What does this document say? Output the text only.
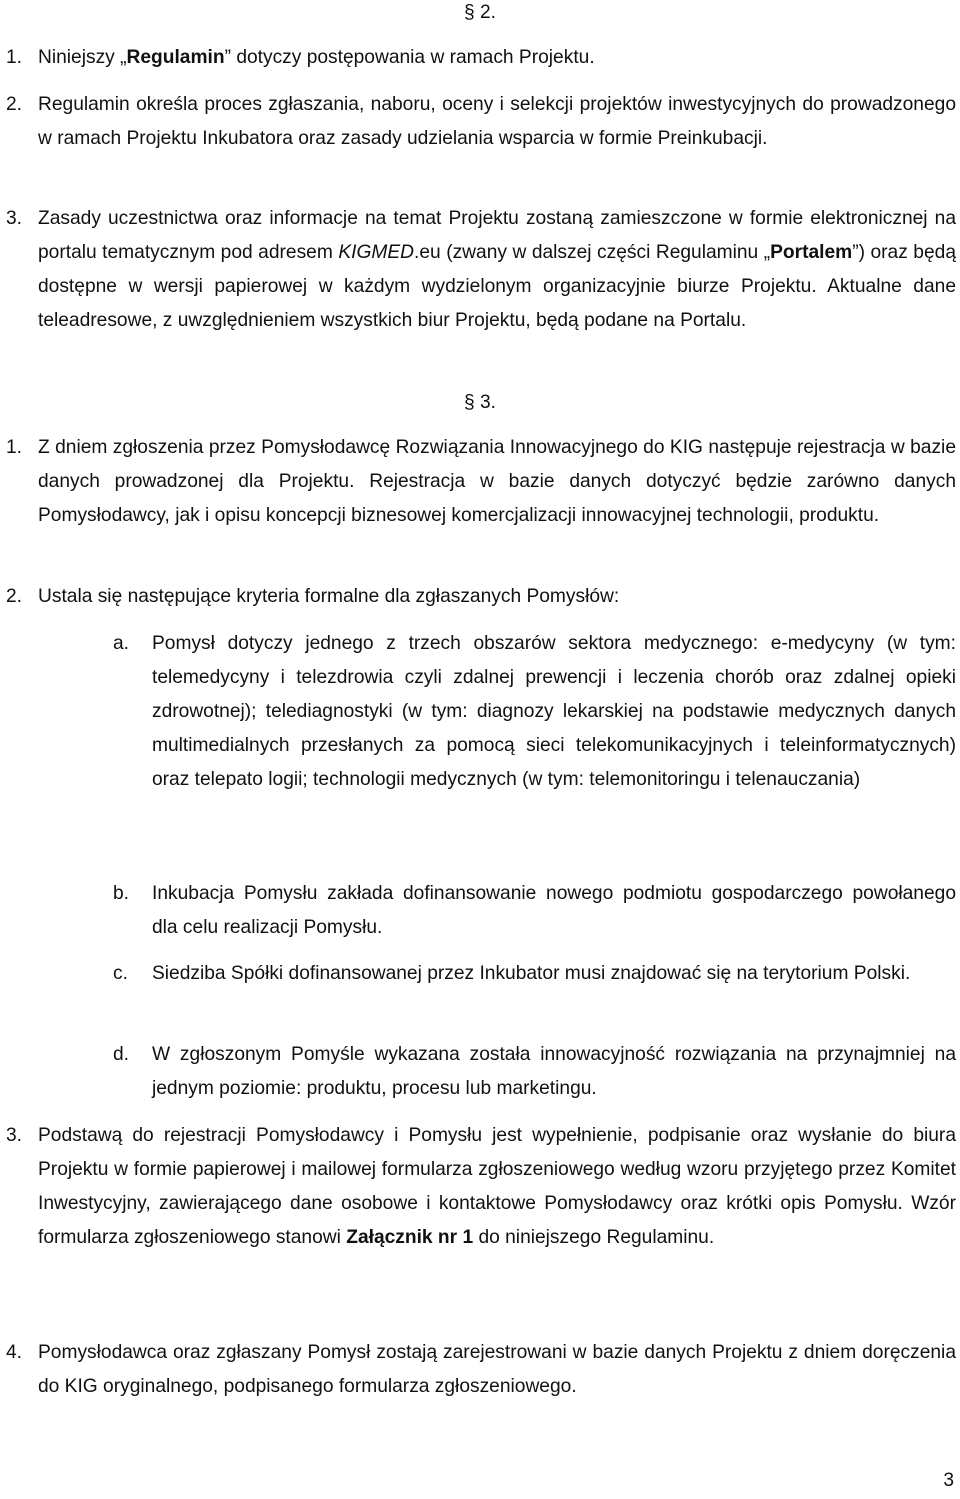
§ 2.
1. Niniejszy „Regulamin” dotyczy postępowania w ramach Projektu.
2. Regulamin określa proces zgłaszania, naboru, oceny i selekcji projektów inwestycyjnych do prowadzonego w ramach Projektu Inkubatora oraz zasady udzielania wsparcia w formie Preinkubacji.
3. Zasady uczestnictwa oraz informacje na temat Projektu zostaną zamieszczone w formie elektronicznej na portalu tematycznym pod adresem KIGMED.eu (zwany w dalszej części Regulaminu „Portalem”) oraz będą dostępne w wersji papierowej w każdym wydzielonym organizacyjnie biurze Projektu. Aktualne dane teleadresowe, z uwzględnieniem wszystkich biur Projektu, będą podane na Portalu.
§ 3.
1. Z dniem zgłoszenia przez Pomysłodawcę Rozwiązania Innowacyjnego do KIG następuje rejestracja w bazie danych prowadzonej dla Projektu. Rejestracja w bazie danych dotyczyć będzie zarówno danych Pomysłodawcy, jak i opisu koncepcji biznesowej komercjalizacji innowacyjnej technologii, produktu.
2. Ustala się następujące kryteria formalne dla zgłaszanych Pomysłów:
a.	Pomysł dotyczy jednego z trzech obszarów sektora medycznego: e-medycyny (w tym: telemedycyny i telezdrowia czyli zdalnej prewencji i leczenia chorób oraz zdalnej opieki zdrowotnej); telediagnostyki (w tym: diagnozy lekarskiej na podstawie medycznych danych multimedialnych przesłanych za pomocą sieci telekomunikacyjnych i teleinformatycznych) oraz telepato logii; technologii medycznych (w tym: telemonitoringu i telenauczania)
b.	Inkubacja Pomysłu zakłada dofinansowanie nowego podmiotu gospodarczego powołanego dla celu realizacji Pomysłu.
c.	Siedziba Spółki dofinansowanej przez Inkubator musi znajdować się na terytorium Polski.
d.	W zgłoszonym Pomyśle wykazana została innowacyjność rozwiązania na przynajmniej na jednym poziomie: produktu, procesu lub marketingu.
3. Podstawą do rejestracji Pomysłodawcy i Pomysłu jest wypełnienie, podpisanie oraz wysłanie do biura Projektu w formie papierowej i mailowej formularza zgłoszeniowego według wzoru przyjętego przez Komitet Inwestycyjny, zawierającego dane osobowe i kontaktowe Pomysłodawcy oraz krótki opis Pomysłu. Wzór formularza zgłoszeniowego stanowi Załącznik nr 1 do niniejszego Regulaminu.
4. Pomysłodawca oraz zgłaszany Pomysł zostają zarejestrowani w bazie danych Projektu z dniem doręczenia do KIG oryginalnego, podpisanego formularza zgłoszeniowego.
3
